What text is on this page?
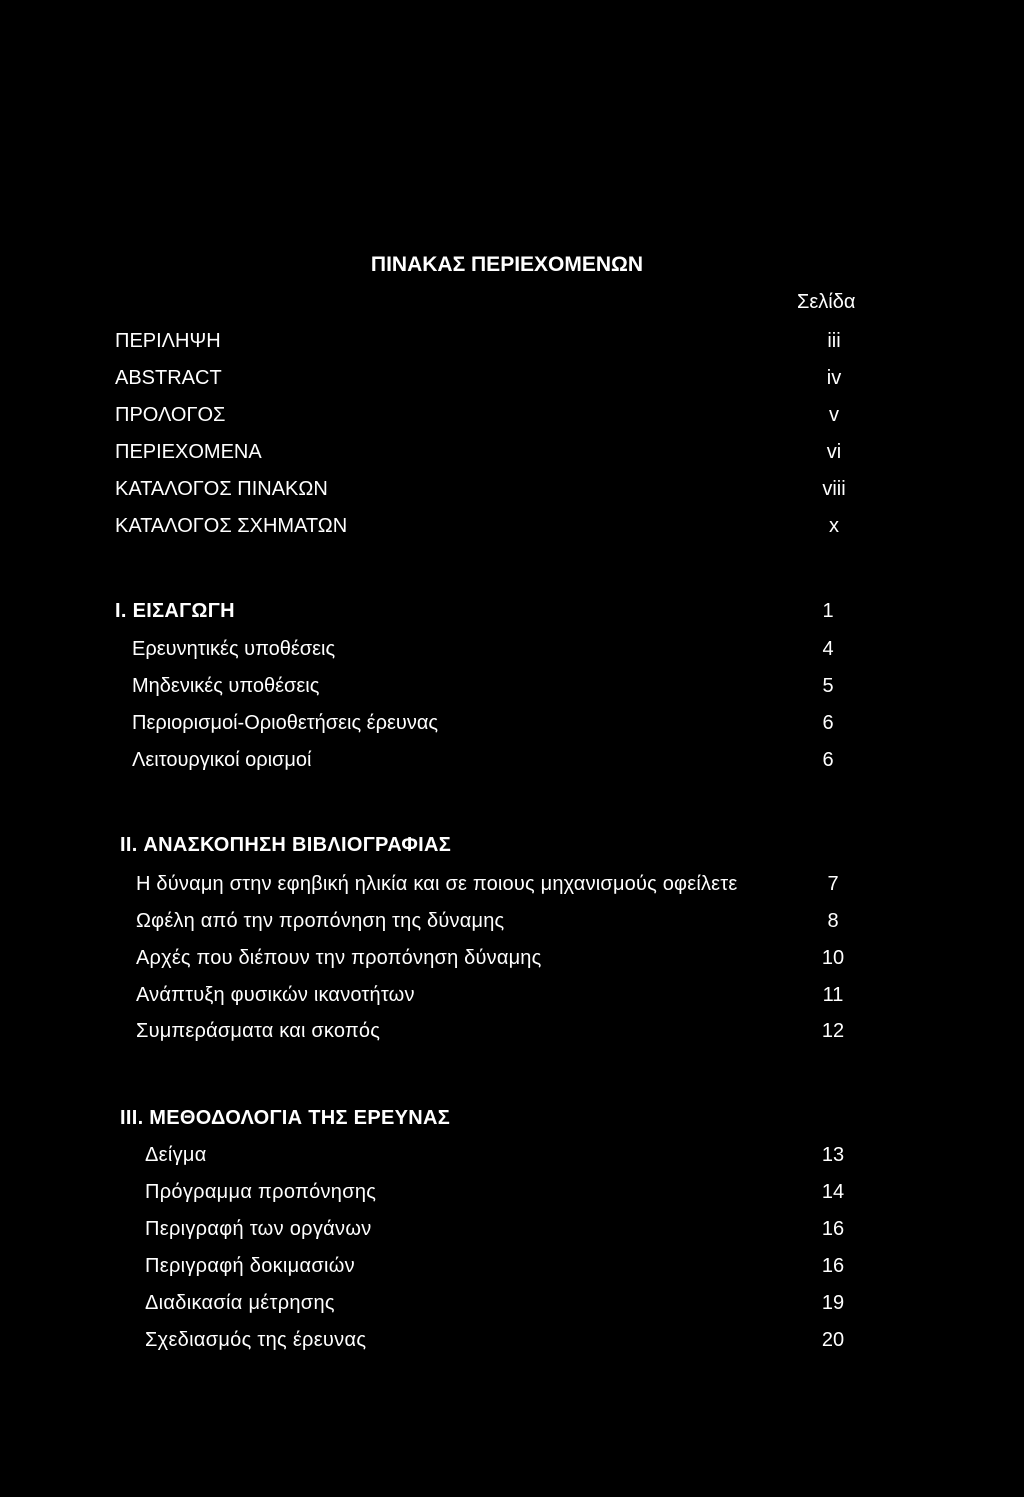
ΠΙΝΑΚΑΣ ΠΕΡΙΕΧΟΜΕΝΩΝ
Σελίδα
ΠΕΡΙΛΗΨΗ	iii
ABSTRACT	iv
ΠΡΟΛΟΓΟΣ	v
ΠΕΡΙΕΧΟΜΕΝΑ	vi
ΚΑΤΑΛΟΓΟΣ ΠΙΝΑΚΩΝ	viii
ΚΑΤΑΛΟΓΟΣ ΣΧΗΜΑΤΩΝ	x
I. ΕΙΣΑΓΩΓΗ	1
Ερευνητικές υποθέσεις	4
Μηδενικές υποθέσεις	5
Περιορισμοί-Οριοθετήσεις έρευνας	6
Λειτουργικοί ορισμοί	6
II. ΑΝΑΣΚΟΠΗΣΗ ΒΙΒΛΙΟΓΡΑΦΙΑΣ
Η δύναμη στην εφηβική ηλικία και σε ποιους μηχανισμούς οφείλετε	7
Ωφέλη από την προπόνηση της δύναμης	8
Αρχές που διέπουν την προπόνηση δύναμης	10
Ανάπτυξη φυσικών ικανοτήτων	11
Συμπεράσματα και σκοπός	12
III. ΜΕΘΟΔΟΛΟΓΙΑ ΤΗΣ ΕΡΕΥΝΑΣ
Δείγμα	13
Πρόγραμμα προπόνησης	14
Περιγραφή των οργάνων	16
Περιγραφή δοκιμασιών	16
Διαδικασία μέτρησης	19
Σχεδιασμός της έρευνας	20
